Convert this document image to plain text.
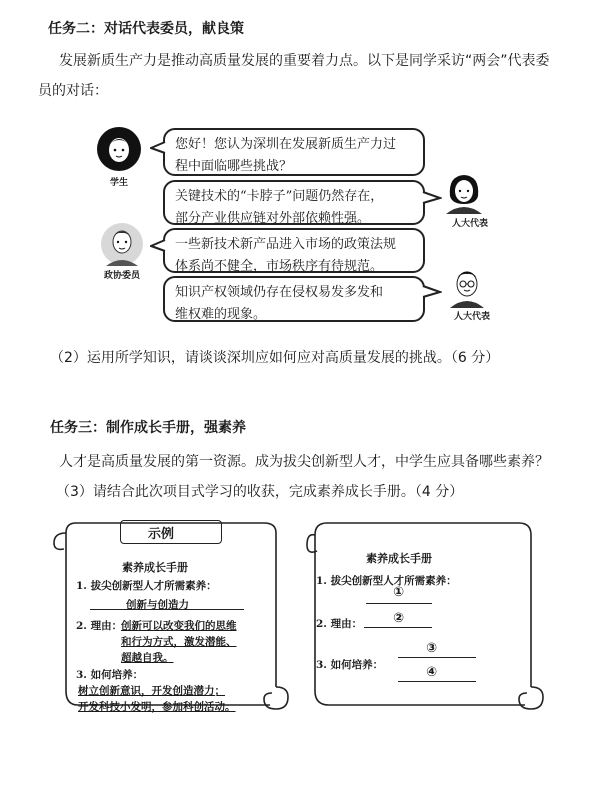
任务二：对话代表委员，献良策
发展新质生产力是推动高质量发展的重要着力点。以下是同学采访“两会”代表委
员的对话：
学生
您好！您认为深圳在发展新质生产力过
程中面临哪些挑战？
关键技术的“卡脖子”问题仍然存在，
部分产业供应链对外部依赖性强。	人大代表
政协委员
一些新技术新产品进入市场的政策法规
体系尚不健全，市场秩序有待规范。
知识产权领域仍存在侵权易发多发和
维权难的现象。	人大代表
（2）运用所学知识，请谈谈深圳应如何应对高质量发展的挑战。（6 分）
任务三：制作成长手册，强素养
人才是高质量发展的第一资源。成为拔尖创新型人才，中学生应具备哪些素养？
（3）请结合此次项目式学习的收获，完成素养成长手册。（4 分）
示例
素养成长手册
1. 拔尖创新型人才所需素养：
创新与创造力
2. 理由：
创新可以改变我们的思维
和行为方式，激发潜能、
超越自我。
3. 如何培养：
树立创新意识，开发创造潜力；
开发科技小发明，参加科创活动。
素养成长手册
1. 拔尖创新型人才所需素养：
①
2. 理由： ②
③
3. 如何培养：	④
